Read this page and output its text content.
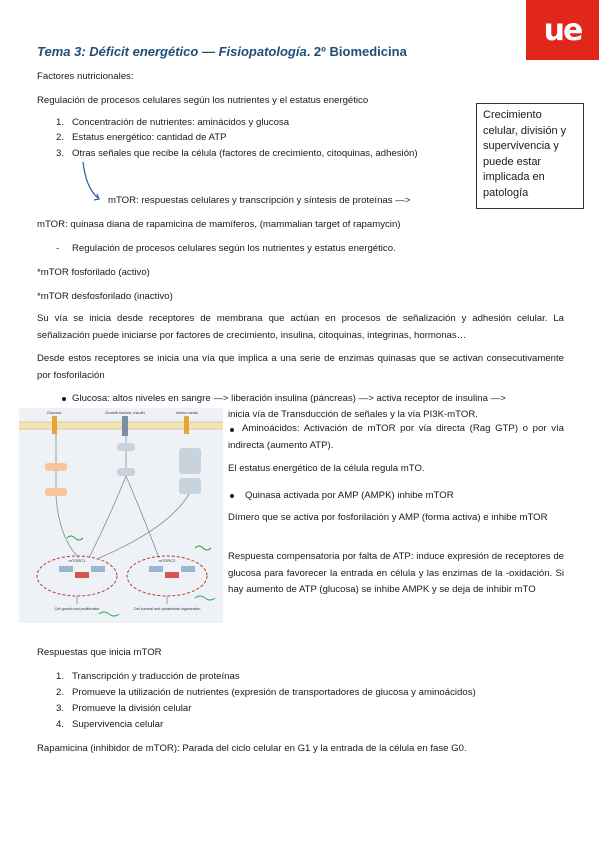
ue
Tema 3: Déficit energético — Fisiopatología. 2º Biomedicina
Factores nutricionales:
Regulación de procesos celulares según los nutrientes y el estatus energético
1. Concentración de nutrientes: aminácidos y glucosa
2. Estatus energético: cantidad de ATP
3. Otras señales que recibe la célula (factores de crecimiento, citoquinas, adhesión)
mTOR: respuestas celulares y transcripción y síntesis de proteínas —>
Crecimiento celular, división y supervivencia y puede estar implicada en patología
mTOR: quinasa diana de rapamicina de mamíferos, (mammalian target of rapamycin)
- Regulación de procesos celulares según los nutrientes y estatus energético.
*mTOR fosforilado (activo)
*mTOR desfosforilado (inactivo)
Su vía se inicia desde receptores de membrana que actúan en procesos de señalización y adhesión celular. La señalización puede iniciarse por factores de crecimiento, insulina, citoquinas, integrinas, hormonas…
Desde estos receptores se inicia una vía que implica a una serie de enzimas quinasas que se activan consecutivamente por fosforilación
Glucosa: altos niveles en sangre —> liberación insulina (páncreas) —> activa receptor de insulina —>
inicia vía de Transducción de señales y la vía PI3K-mTOR.
Glucose	Growth factors, insulin	Amino acids
mTORC1	mTORC2
Cell growth and proliferation	Cell survival and cytoskeletal organization
Aminoácidos: Activación de mTOR por vía directa (Rag GTP) o por vía indirecta (aumento ATP).
El estatus energético de la célula regula mTO.
Quinasa activada por AMP (AMPK) inhibe mTOR
Dímero que se activa por fosforilación y AMP (forma activa) e inhibe mTOR
Respuesta compensatoria por falta de ATP: induce expresión de receptores de glucosa para favorecer la entrada en célula y las enzimas de la -oxidación. Si hay aumento de ATP (glucosa) se inhibe AMPK y se deja de inhibir mTO
Respuestas que inicia mTOR
1. Transcripción y traducción de proteínas
2. Promueve la utilización de nutrientes (expresión de transportadores de glucosa y aminoácidos)
3. Promueve la división celular
4. Supervivencia celular
Rapamicina (inhibidor de mTOR): Parada del ciclo celular en G1 y la entrada de la célula en fase G0.
